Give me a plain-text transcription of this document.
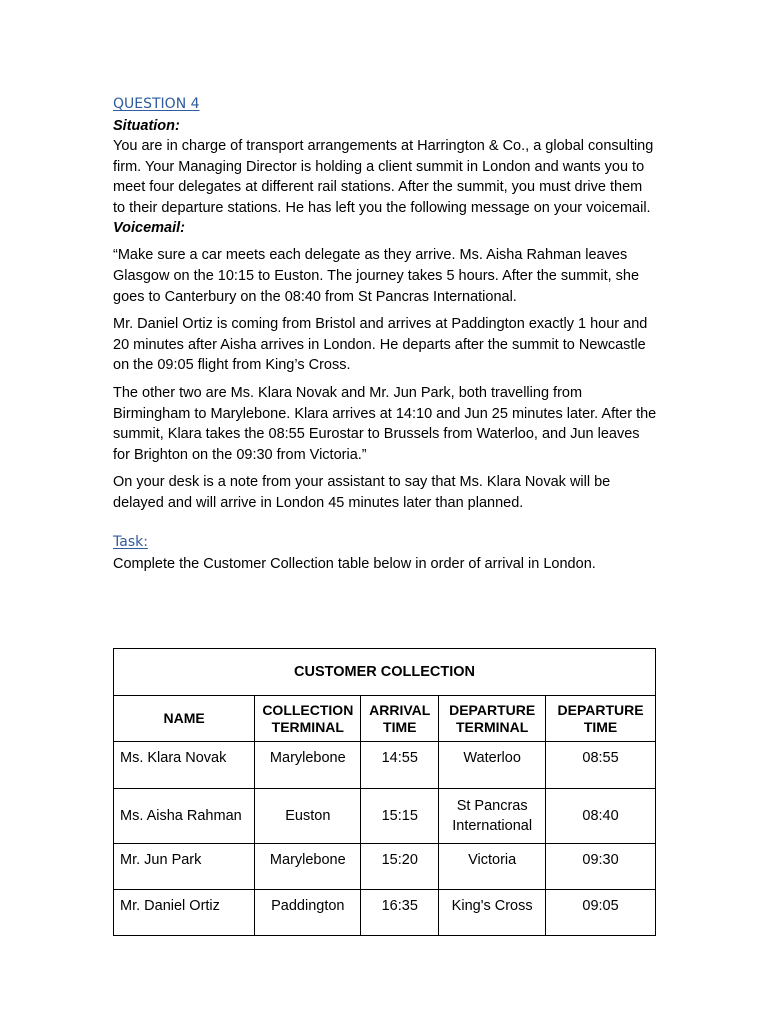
QUESTION 4

Situation:

You are in charge of transport arrangements at Harrington & Co., a global consulting firm. Your Managing Director is holding a client summit in London and wants you to meet four delegates at different rail stations. After the summit, you must drive them to their departure stations. He has left you the following message on your voicemail.

Voicemail:

“Make sure a car meets each delegate as they arrive. Ms. Aisha Rahman leaves Glasgow on the 10:15 to Euston. The journey takes 5 hours. After the summit, she goes to Canterbury on the 08:40 from St Pancras International.

Mr. Daniel Ortiz is coming from Bristol and arrives at Paddington exactly 1 hour and 20 minutes after Aisha arrives in London. He departs after the summit to Newcastle on the 09:05 flight from King’s Cross.

The other two are Ms. Klara Novak and Mr. Jun Park, both travelling from Birmingham to Marylebone. Klara arrives at 14:10 and Jun 25 minutes later. After the summit, Klara takes the 08:55 Eurostar to Brussels from Waterloo, and Jun leaves for Brighton on the 09:30 from Victoria.”

On your desk is a note from your assistant to say that Ms. Klara Novak will be delayed and will arrive in London 45 minutes later than planned.

Task:

Complete the Customer Collection table below in order of arrival in London.

CUSTOMER COLLECTION				
NAME	COLLECTION TERMINAL	ARRIVAL TIME	DEPARTURE TERMINAL	DEPARTURE TIME
Ms. Klara Novak	Marylebone	14:55	Waterloo	08:55
Ms. Aisha Rahman	Euston	15:15	St Pancras International	08:40
Mr. Jun Park	Marylebone	15:20	Victoria	09:30
Mr. Daniel Ortiz	Paddington	16:35	King's Cross	09:05
